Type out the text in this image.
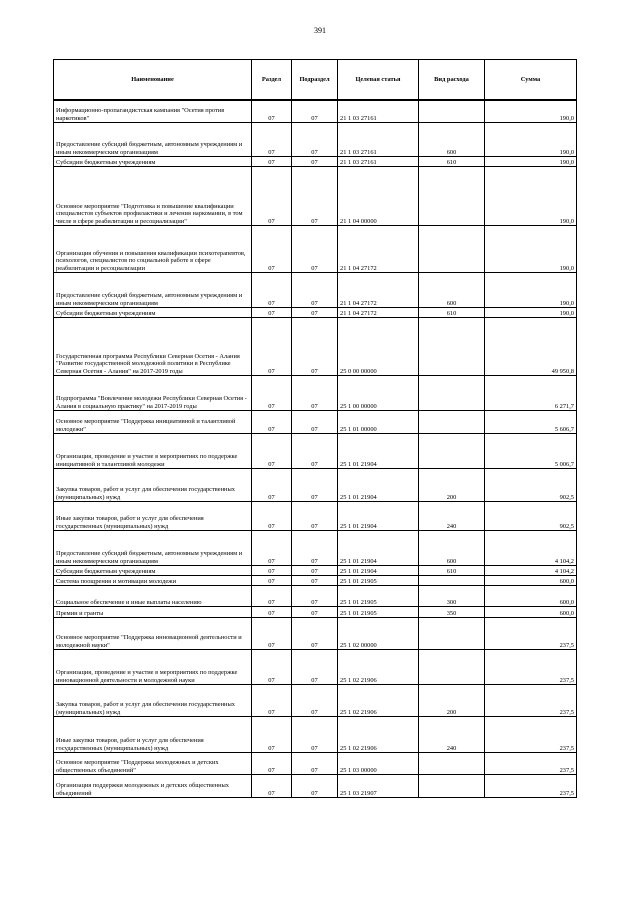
391
Наименование	Раздел	Подраздел	Целевая статья	Вид расхода	Сумма
Информационно-пропагандистская кампания "Осетия против наркотиков"	07	07	21 1 03 27161		190,0
Предоставление субсидий бюджетным, автономным учреждениям и иным некоммерческим организациям	07	07	21 1 03 27161	600	190,0
Субсидии бюджетным учреждениям	07	07	21 1 03 27161	610	190,0
Основное мероприятие "Подготовка и повышение квалификации специалистов субъектов профилактики и лечения наркомании, в том числе в сфере реабилитации и ресоциализации"	07	07	21 1 04 00000		190,0
Организация обучения и повышения квалификации психотерапевтов, психологов, специалистов по социальной работе в сфере реабилитации и ресоциализации	07	07	21 1 04 27172		190,0
Предоставление субсидий бюджетным, автономным учреждениям и иным некоммерческим организациям	07	07	21 1 04 27172	600	190,0
Субсидии бюджетным учреждениям	07	07	21 1 04 27172	610	190,0
Государственная программа Республики Северная Осетия - Алания "Развитие государственной молодежной политики в Республике Северная Осетия - Алания" на 2017-2019 годы	07	07	25 0 00 00000		49 950,8
Подпрограмма "Вовлечение молодежи Республики Северная Осетия - Алания в социальную практику" на 2017-2019 годы	07	07	25 1 00 00000		6 271,7
Основное мероприятие "Поддержка инициативной и талантливой молодежи"	07	07	25 1 01 00000		5 606,7
Организация, проведение и участие в мероприятиях по поддержке инициативной и талантливой молодежи	07	07	25 1 01 21904		5 006,7
Закупка товаров, работ и услуг для обеспечения государственных (муниципальных) нужд	07	07	25 1 01 21904	200	902,5
Иные закупки товаров, работ и услуг для обеспечения государственных (муниципальных) нужд	07	07	25 1 01 21904	240	902,5
Предоставление субсидий бюджетным, автономным учреждениям и иным некоммерческим организациям	07	07	25 1 01 21904	600	4 104,2
Субсидии бюджетным учреждениям	07	07	25 1 01 21904	610	4 104,2
Система поощрения и мотивации молодежи	07	07	25 1 01 21905		600,0
Социальное обеспечение и иные выплаты населению	07	07	25 1 01 21905	300	600,0
Премии и гранты	07	07	25 1 01 21905	350	600,0
Основное мероприятие "Поддержка инновационной деятельности и молодежной науки"	07	07	25 1 02 00000		237,5
Организация, проведение и участие в мероприятиях по поддержке инновационной деятельности и молодежной науки	07	07	25 1 02 21906		237,5
Закупка товаров, работ и услуг для обеспечения государственных (муниципальных) нужд	07	07	25 1 02 21906	200	237,5
Иные закупки товаров, работ и услуг для обеспечения государственных (муниципальных) нужд	07	07	25 1 02 21906	240	237,5
Основное мероприятие "Поддержка молодежных и детских общественных объединений"	07	07	25 1 03 00000		237,5
Организация поддержки молодежных и детских общественных объединений	07	07	25 1 03 21907		237,5
